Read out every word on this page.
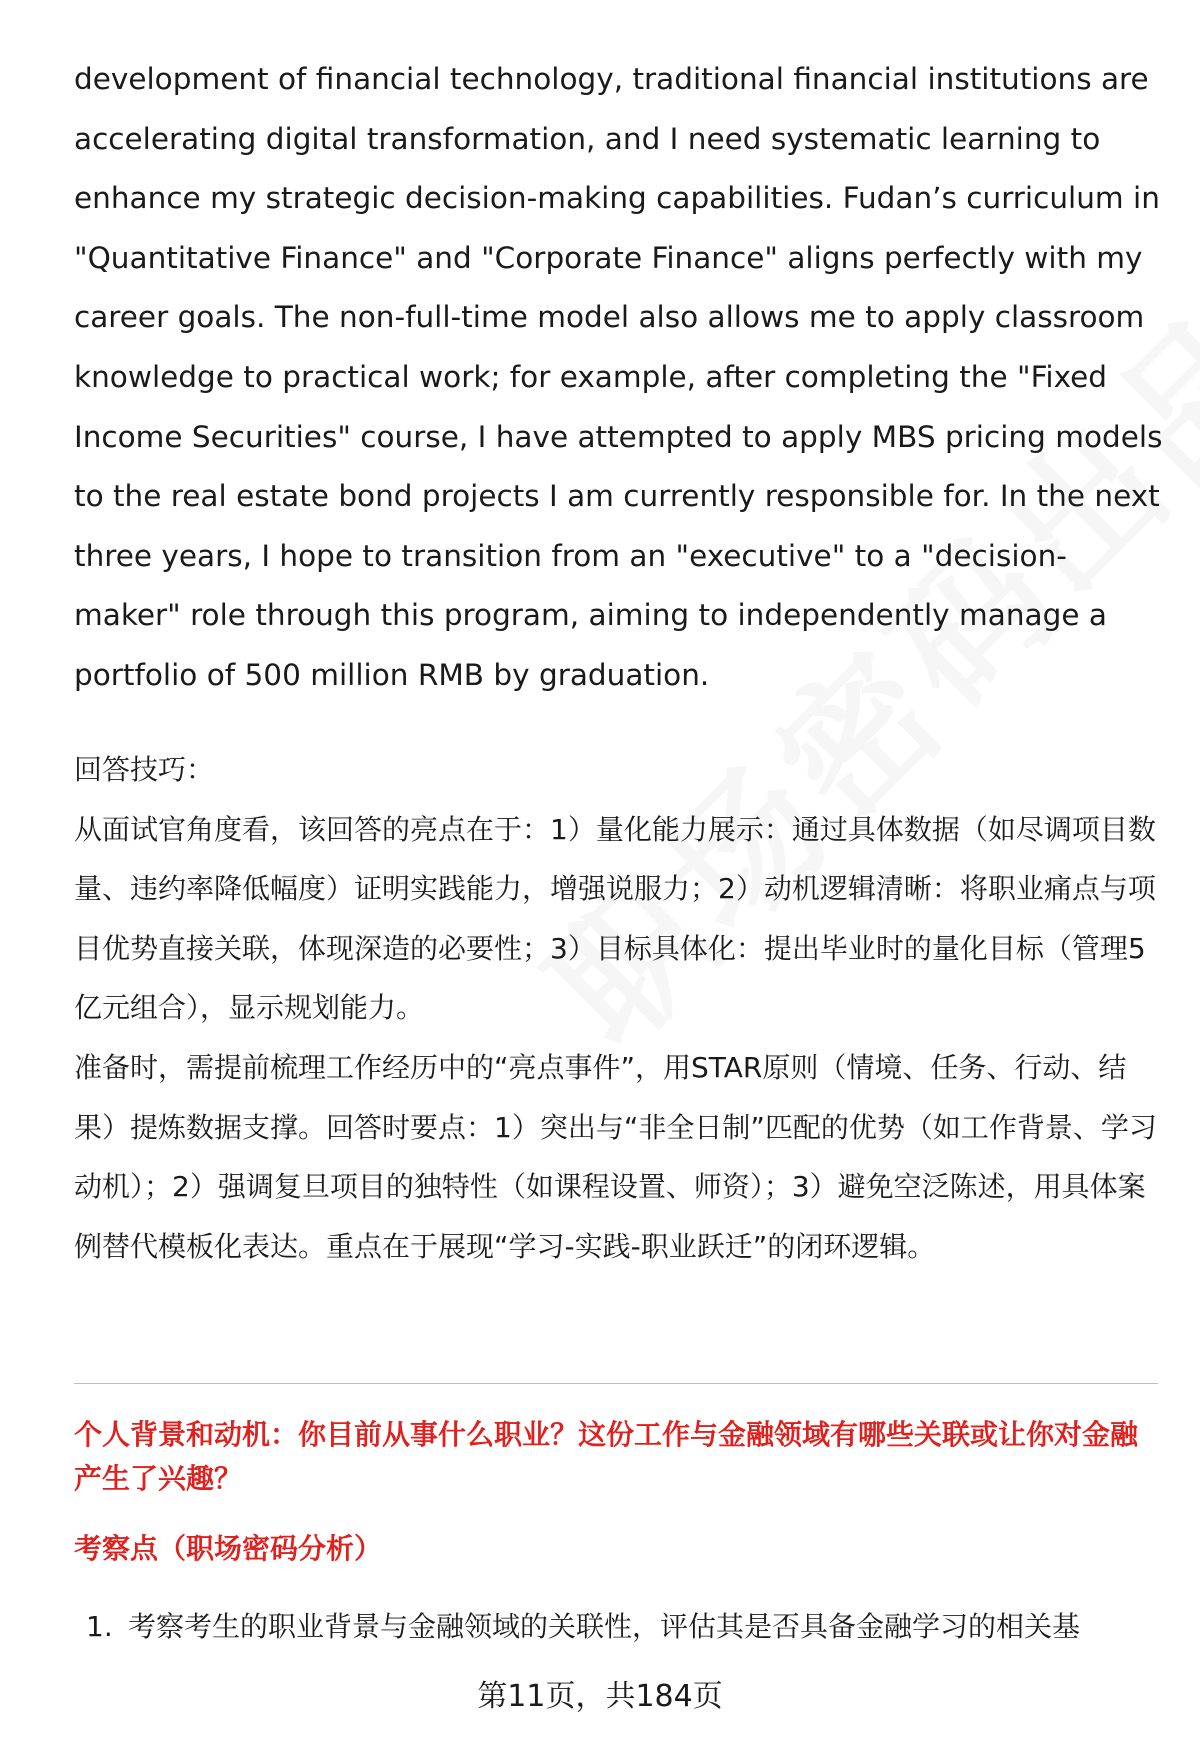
development of financial technology, traditional financial institutions are accelerating digital transformation, and I need systematic learning to enhance my strategic decision-making capabilities. Fudan’s curriculum in "Quantitative Finance" and "Corporate Finance" aligns perfectly with my career goals. The non-full-time model also allows me to apply classroom knowledge to practical work; for example, after completing the "Fixed Income Securities" course, I have attempted to apply MBS pricing models to the real estate bond projects I am currently responsible for. In the next three years, I hope to transition from an "executive" to a "decision-maker" role through this program, aiming to independently manage a portfolio of 500 million RMB by graduation.

回答技巧：

从面试官角度看，该回答的亮点在于：1）量化能力展示：通过具体数据（如尽调项目数量、违约率降低幅度）证明实践能力，增强说服力；2）动机逻辑清晰：将职业痛点与项目优势直接关联，体现深造的必要性；3）目标具体化：提出毕业时的量化目标（管理5亿元组合），显示规划能力。

准备时，需提前梳理工作经历中的“亮点事件”，用STAR原则（情境、任务、行动、结果）提炼数据支撑。回答时要点：1）突出与“非全日制”匹配的优势（如工作背景、学习动机）；2）强调复旦项目的独特性（如课程设置、师资）；3）避免空泛陈述，用具体案例替代模板化表达。重点在于展现“学习-实践-职业跃迁”的闭环逻辑。

个人背景和动机：你目前从事什么职业？这份工作与金融领域有哪些关联或让你对金融产生了兴趣？
考察点（职场密码分析）
1. 考察考生的职业背景与金融领域的关联性，评估其是否具备金融学习的相关基
第11页，共184页
